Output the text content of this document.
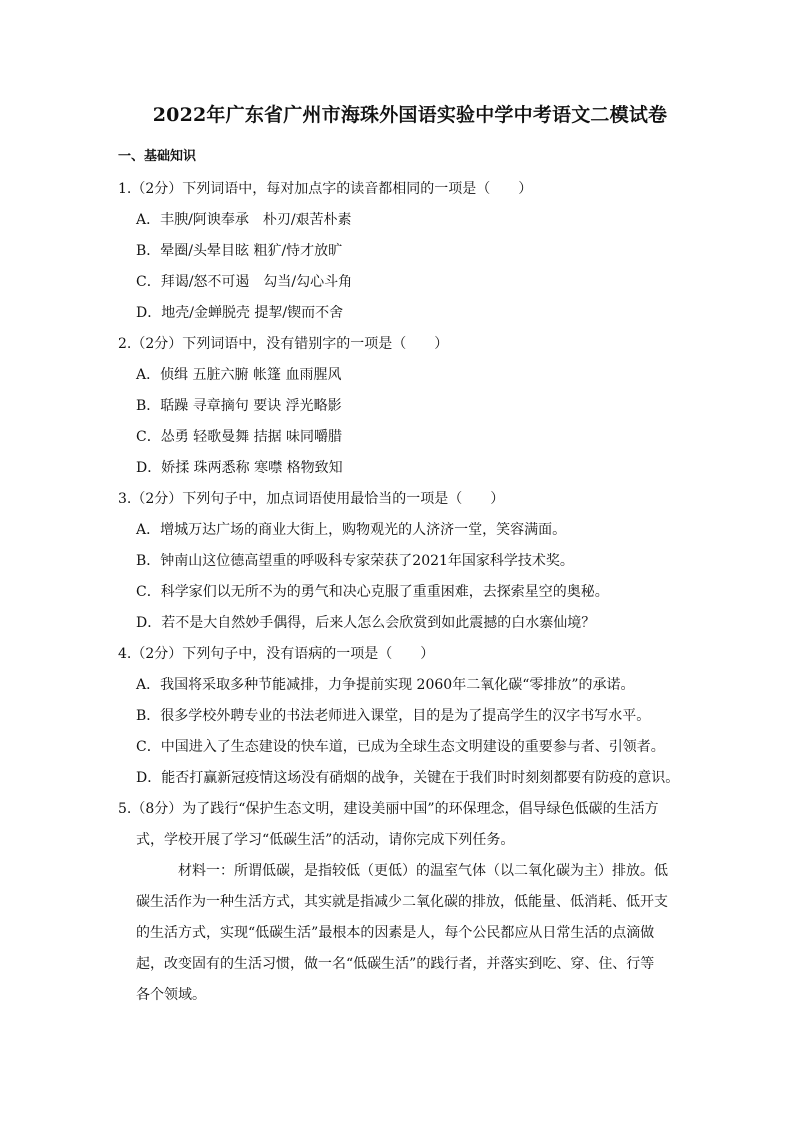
2022年广东省广州市海珠外国语实验中学中考语文二模试卷
一、基础知识

1.（2分）下列词语中，每对加点字的读音都相同的一项是（　　）

A．丰腴/阿谀奉承　朴刃/艰苦朴素

B．晕圈/头晕目眩 粗犷/恃才放旷

C．拜谒/怒不可遏　勾当/勾心斗角

D．地壳/金蝉脱壳 提挈/锲而不舍

2.（2分）下列词语中，没有错别字的一项是（　　）

A．侦缉 五脏六腑 帐篷 血雨腥风

B．聒躁 寻章摘句 要诀 浮光略影

C．怂勇 轻歌曼舞 拮据 味同嚼腊

D．娇揉 珠两悉称 寒噤 格物致知

3.（2分）下列句子中，加点词语使用最恰当的一项是（　　）

A．增城万达广场的商业大街上，购物观光的人济济一堂，笑容满面。

B．钟南山这位德高望重的呼吸科专家荣获了2021年国家科学技术奖。

C．科学家们以无所不为的勇气和决心克服了重重困难，去探索星空的奥秘。

D．若不是大自然妙手偶得，后来人怎么会欣赏到如此震撼的白水寨仙境？

4.（2分）下列句子中，没有语病的一项是（　　）

A．我国将采取多种节能减排，力争提前实现 2060年二氧化碳“零排放”的承诺。

B．很多学校外聘专业的书法老师进入课堂，目的是为了提高学生的汉字书写水平。

C．中国进入了生态建设的快车道，已成为全球生态文明建设的重要参与者、引领者。

D．能否打赢新冠疫情这场没有硝烟的战争，关键在于我们时时刻刻都要有防疫的意识。

5.（8分）为了践行“保护生态文明，建设美丽中国”的环保理念，倡导绿色低碳的生活方

式，学校开展了学习“低碳生活”的活动，请你完成下列任务。

材料一：所谓低碳，是指较低（更低）的温室气体（以二氧化碳为主）排放。低
碳生活作为一种生活方式，其实就是指减少二氧化碳的排放，低能量、低消耗、低开支
的生活方式，实现“低碳生活”最根本的因素是人，每个公民都应从日常生活的点滴做
起，改变固有的生活习惯，做一名“低碳生活”的践行者，并落实到吃、穿、住、行等
各个领域。
